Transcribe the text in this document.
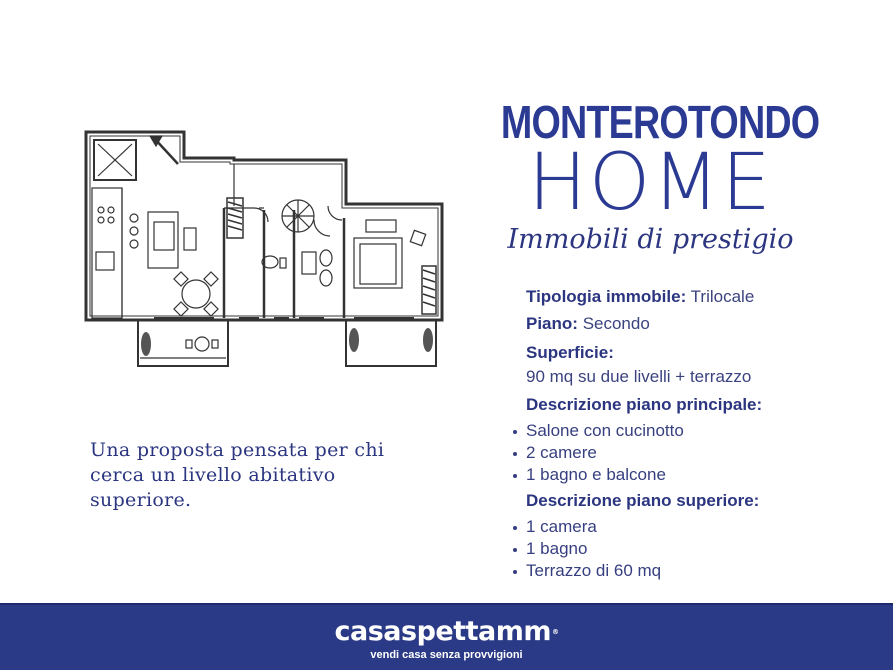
MONTEROTONDO
HOME
Immobili di prestigio
Tipologia immobile: Trilocale
Piano: Secondo
Superficie:
90 mq su due livelli + terrazzo
Descrizione piano principale:
Salone con cucinotto
2 camere
1 bagno e balcone
Descrizione piano superiore:
1 camera
1 bagno
Terrazzo di 60 mq
Una proposta pensata per chi cerca un livello abitativo superiore.
casaspettamm®
vendi casa senza provvigioni
